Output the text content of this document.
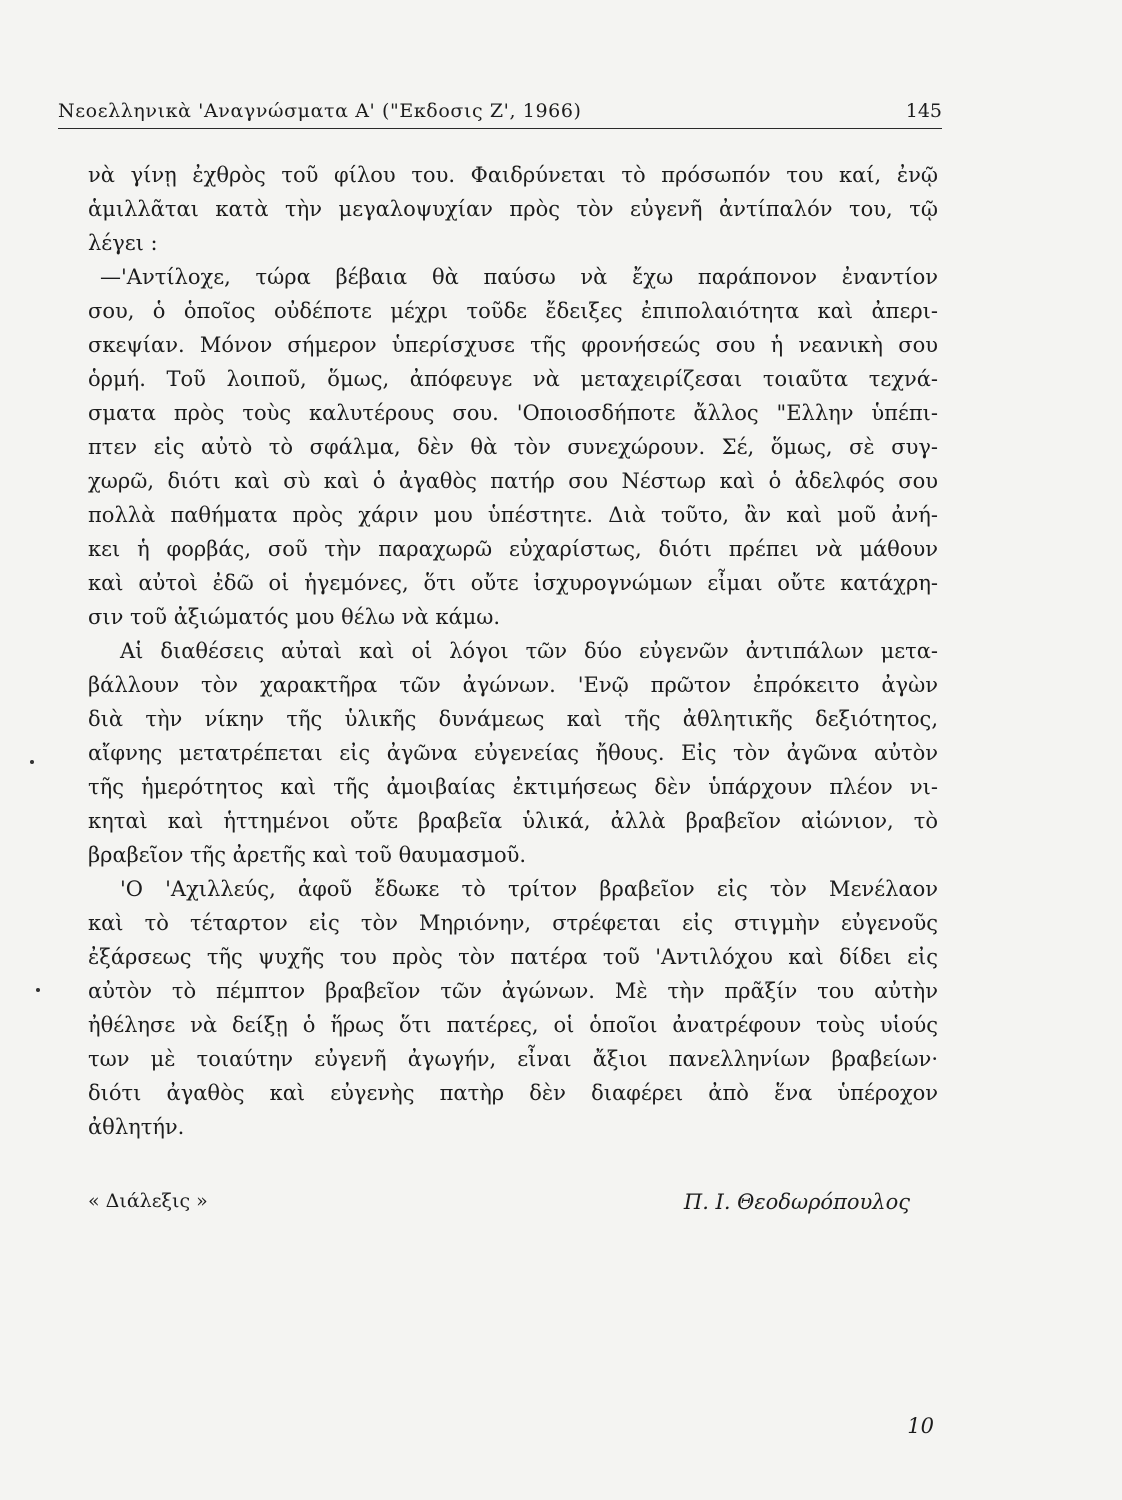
Νεοελληνικὰ 'Αναγνώσματα Α' ("Εκδοσις Ζ', 1966)	145
νὰ γίνῃ ἐχθρὸς τοῦ φίλου του. Φαιδρύνεται τὸ πρόσωπόν του καί, ἐνῷ
ἁμιλλᾶται κατὰ τὴν μεγαλοψυχίαν πρὸς τὸν εὐγενῆ ἀντίπαλόν του, τῷ
λέγει :
—'Αντίλοχε, τώρα βέβαια θὰ παύσω νὰ ἔχω παράπονον ἐναντίον
σου, ὁ ὁποῖος οὐδέποτε μέχρι τοῦδε ἔδειξες ἐπιπολαιότητα καὶ ἀπερι-
σκεψίαν. Μόνον σήμερον ὑπερίσχυσε τῆς φρονήσεώς σου ἡ νεανικὴ σου
ὁρμή. Τοῦ λοιποῦ, ὅμως, ἀπόφευγε νὰ μεταχειρίζεσαι τοιαῦτα τεχνά-
σματα πρὸς τοὺς καλυτέρους σου. 'Οποιοσδήποτε ἄλλος "Ελλην ὑπέπι-
πτεν εἰς αὐτὸ τὸ σφάλμα, δὲν θὰ τὸν συνεχώρουν. Σέ, ὅμως, σὲ συγ-
χωρῶ, διότι καὶ σὺ καὶ ὁ ἀγαθὸς πατήρ σου Νέστωρ καὶ ὁ ἀδελφός σου
πολλὰ παθήματα πρὸς χάριν μου ὑπέστητε. Διὰ τοῦτο, ἂν καὶ μοῦ ἀνή-
κει ἡ φορβάς, σοῦ τὴν παραχωρῶ εὐχαρίστως, διότι πρέπει νὰ μάθουν
καὶ αὐτοὶ ἐδῶ οἱ ἡγεμόνες, ὅτι οὔτε ἰσχυρογνώμων εἶμαι οὔτε κατάχρη-
σιν τοῦ ἀξιώματός μου θέλω νὰ κάμω.
Αἱ διαθέσεις αὐταὶ καὶ οἱ λόγοι τῶν δύο εὐγενῶν ἀντιπάλων μετα-
βάλλουν τὸν χαρακτῆρα τῶν ἀγώνων. 'Ενῷ πρῶτον ἐπρόκειτο ἀγὼν
διὰ τὴν νίκην τῆς ὑλικῆς δυνάμεως καὶ τῆς ἀθλητικῆς δεξιότητος,
αἴφνης μετατρέπεται εἰς ἀγῶνα εὐγενείας ἤθους. Εἰς τὸν ἀγῶνα αὐτὸν
τῆς ἡμερότητος καὶ τῆς ἀμοιβαίας ἐκτιμήσεως δὲν ὑπάρχουν πλέον νι-
κηταὶ καὶ ἡττημένοι οὔτε βραβεῖα ὑλικά, ἀλλὰ βραβεῖον αἰώνιον, τὸ
βραβεῖον τῆς ἀρετῆς καὶ τοῦ θαυμασμοῦ.
'Ο 'Αχιλλεύς, ἀφοῦ ἔδωκε τὸ τρίτον βραβεῖον εἰς τὸν Μενέλαον
καὶ τὸ τέταρτον εἰς τὸν Μηριόνην, στρέφεται εἰς στιγμὴν εὐγενοῦς
ἐξάρσεως τῆς ψυχῆς του πρὸς τὸν πατέρα τοῦ 'Αντιλόχου καὶ δίδει εἰς
αὐτὸν τὸ πέμπτον βραβεῖον τῶν ἀγώνων. Μὲ τὴν πρᾶξίν του αὐτὴν
ἠθέλησε νὰ δείξῃ ὁ ἥρως ὅτι πατέρες, οἱ ὁποῖοι ἀνατρέφουν τοὺς υἱούς
των μὲ τοιαύτην εὐγενῆ ἀγωγήν, εἶναι ἄξιοι πανελληνίων βραβείων·
διότι ἀγαθὸς καὶ εὐγενὴς πατὴρ δὲν διαφέρει ἀπὸ ἕνα ὑπέροχον
ἀθλητήν.
« Διάλεξις »	Π. Ι. Θεοδωρόπουλος
10
